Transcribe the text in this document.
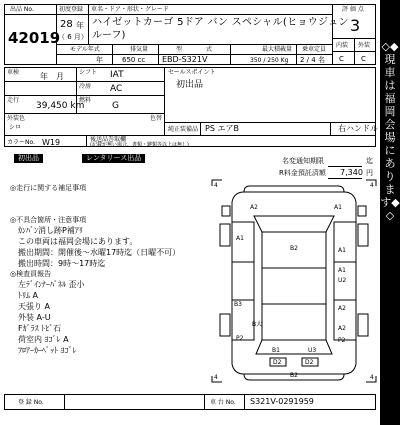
出品 No.
42019
初度登録
28 年
（ 6 月）
車名・ドア・形状・グレード
ハイゼットカーゴ 5ドア バン スペシャル(ヒョウジュン
ルーフ)
モデル年式
年
排気量
650 cc
型　　　　式
EBD-S321V
最大積載量
350 / 250 Kg
乗車定員
2 / 4 名
評 価 点
3
内装 外装
C C
車検	年　月	シフト IAT
冷房 AC
走行
39,450 km
燃料
G
外装色
シロ
色替
カラーNo. W19	後送品巻取欄
(記載が無い場合、書類・鍵類等以上は無し)
セールスポイント
初出品
純正装備品 PS エアB	右ハンドル
初出品	レンタリース出品	名変通知期限	迄
R料金預託済額 7,340 円
◎走行に関する補足事項
◎不具合箇所・注意事項
ｶﾝﾊﾞﾝ消し跡P補ｱﾘ
この車両は福岡会場にあります。
搬出期間：開催後～水曜17時迄（日曜不可）
搬出時間：9時～17時迄
◎検査員報告
左ﾃﾞｲﾝﾅｰﾊﾟﾈﾙ 歪小
ﾄﾘﾑ A
天張り A
外装 A-U
Fｶﾞﾗｽ ﾄﾋﾞ石
荷室内 ﾖｺﾞﾚ A
ﾌﾛｱｰｶｰﾍﾟｯﾄ ﾖｺﾞﾚ
4	4
4	4
A2	A1
A1
B2
A1
U2
A1
B3
A2
B大
A2
P2	P2
B1	U3
D2	D2
B2
登 録 No.	車 台 No. S321V-0291959
◇◆現車は福岡会場にあります◆◇
